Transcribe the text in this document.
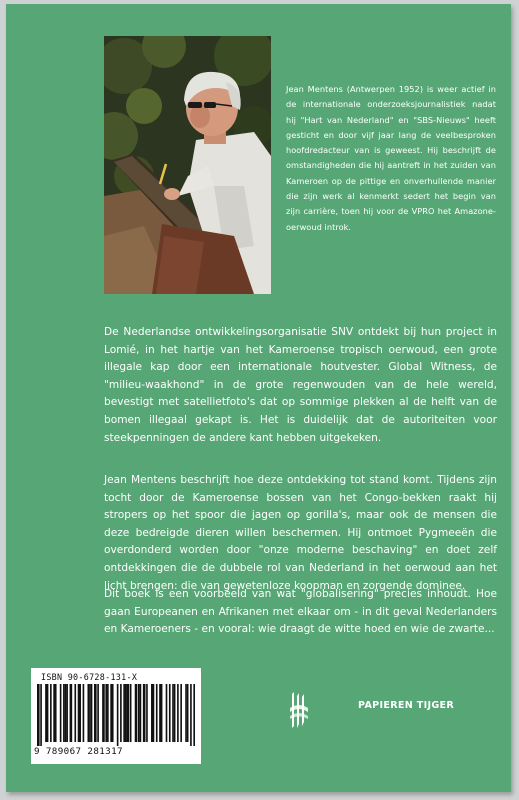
Jean Mentens (Antwerpen 1952) is weer actief in de internationale onderzoeksjournalistiek nadat hij "Hart van Nederland" en "SBS-Nieuws" heeft gesticht en door vijf jaar lang de veelbesproken hoofdredacteur van is geweest. Hij beschrijft de omstandigheden die hij aantreft in het zuiden van Kameroen op de pittige en onverhullende manier die zijn werk al kenmerkt sedert het begin van zijn carrière, toen hij voor de VPRO het Amazone-oerwoud introk.

De Nederlandse ontwikkelingsorganisatie SNV ontdekt bij hun project in Lomié, in het hartje van het Kameroense tropisch oerwoud, een grote illegale kap door een internationale houtvester. Global Witness, de "milieu-waakhond" in de grote regenwouden van de hele wereld, bevestigt met satellietfoto's dat op sommige plekken al de helft van de bomen illegaal gekapt is. Het is duidelijk dat de autoriteiten voor steekpenningen de andere kant hebben uitgekeken.

Jean Mentens beschrijft hoe deze ontdekking tot stand komt. Tijdens zijn tocht door de Kameroense bossen van het Congo-bekken raakt hij stropers op het spoor die jagen op gorilla's, maar ook de mensen die deze bedreigde dieren willen beschermen. Hij ontmoet Pygmeeën die overdonderd worden door "onze moderne beschaving" en doet zelf ontdekkingen die de dubbele rol van Nederland in het oerwoud aan het licht brengen: die van gewetenloze koopman en zorgende dominee.

Dit boek is een voorbeeld van wat "globalisering" precies inhoudt. Hoe gaan Europeanen en Afrikanen met elkaar om - in dit geval Nederlanders en Kameroeners - en vooral: wie draagt de witte hoed en wie de zwarte...

ISBN 90-6728-131-X
9 789067 281317
PAPIEREN TIJGER
